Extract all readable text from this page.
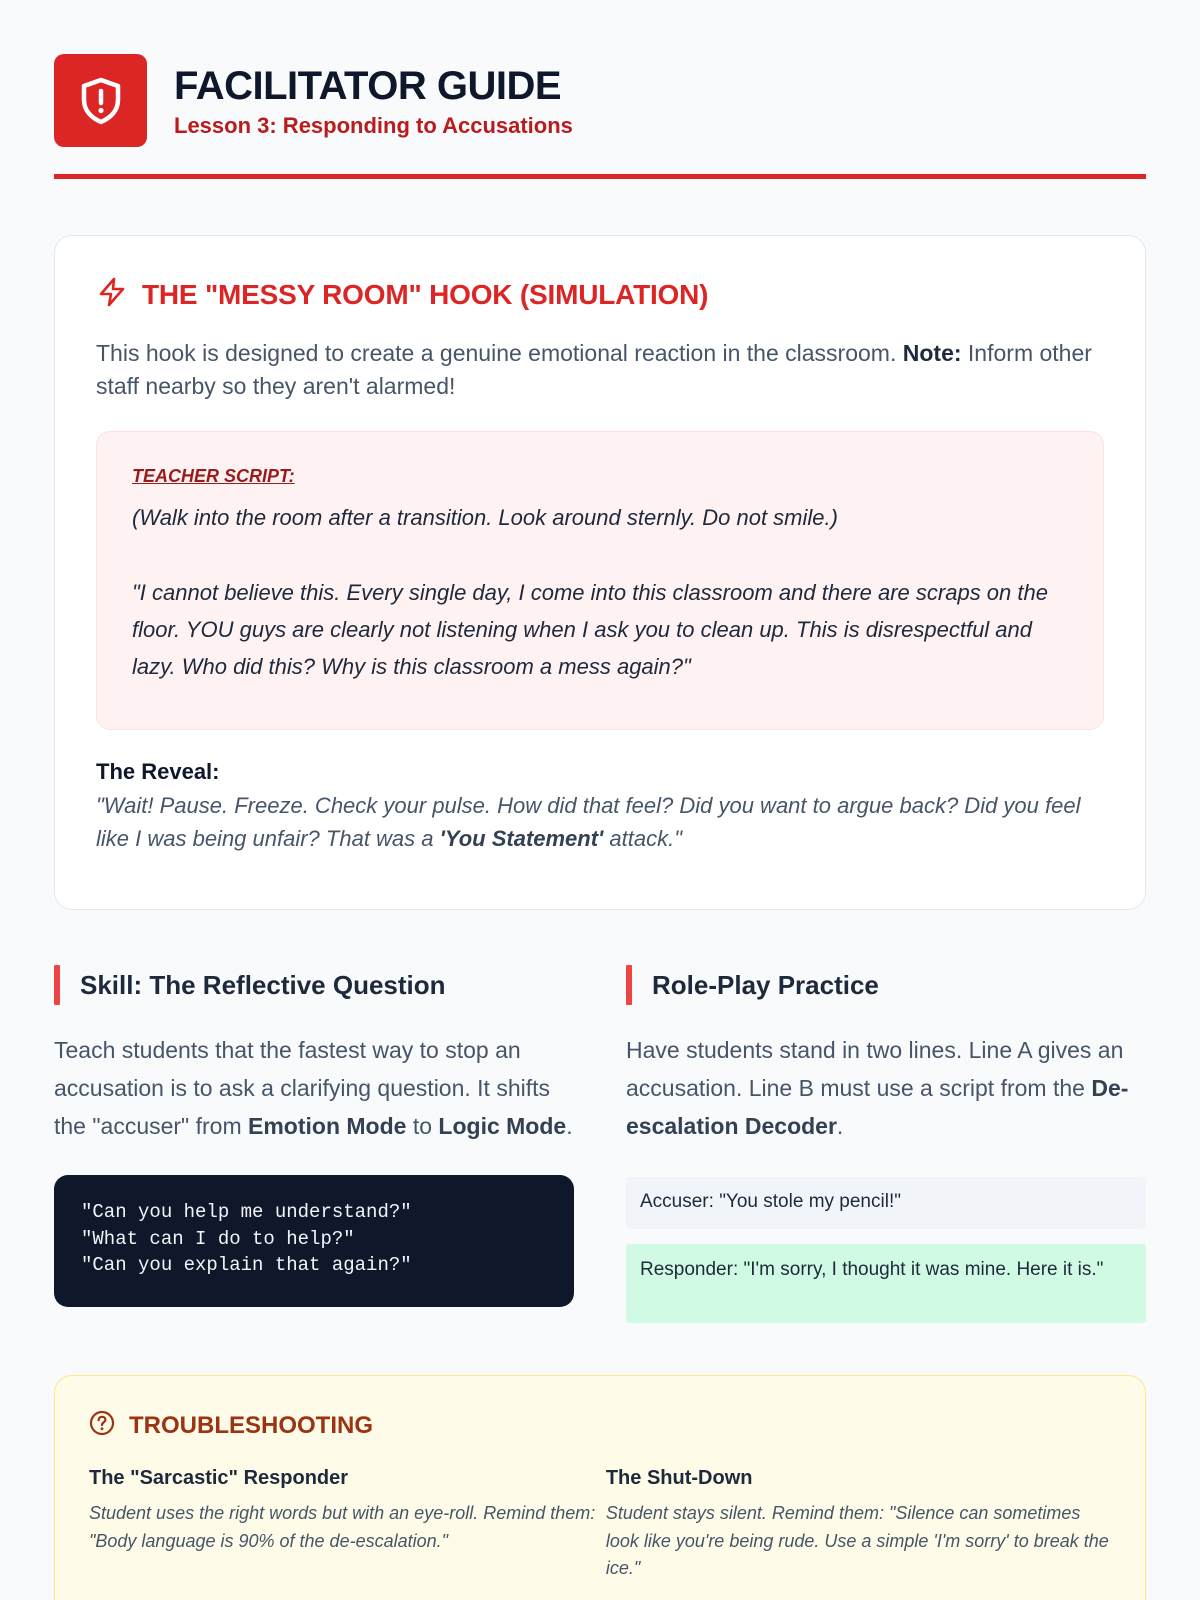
FACILITATOR GUIDE
Lesson 3: Responding to Accusations
THE "MESSY ROOM" HOOK (SIMULATION)

This hook is designed to create a genuine emotional reaction in the classroom. Note: Inform other staff nearby so they aren't alarmed!

TEACHER SCRIPT:

(Walk into the room after a transition. Look around sternly. Do not smile.)

"I cannot believe this. Every single day, I come into this classroom and there are scraps on the floor. YOU guys are clearly not listening when I ask you to clean up. This is disrespectful and lazy. Who did this? Why is this classroom a mess again?"

The Reveal:

"Wait! Pause. Freeze. Check your pulse. How did that feel? Did you want to argue back? Did you feel like I was being unfair? That was a 'You Statement' attack."

Skill: The Reflective Question

Teach students that the fastest way to stop an accusation is to ask a clarifying question. It shifts the "accuser" from Emotion Mode to Logic Mode.

"Can you help me understand?"
"What can I do to help?"
"Can you explain that again?"
Role-Play Practice

Have students stand in two lines. Line A gives an accusation. Line B must use a script from the De-escalation Decoder.

Accuser: "You stole my pencil!"
Responder: "I'm sorry, I thought it was mine. Here it is."
TROUBLESHOOTING
The "Sarcastic" Responder

Student uses the right words but with an eye-roll. Remind them: "Body language is 90% of the de-escalation."

The Shut-Down

Student stays silent. Remind them: "Silence can sometimes look like you're being rude. Use a simple 'I'm sorry' to break the ice."
